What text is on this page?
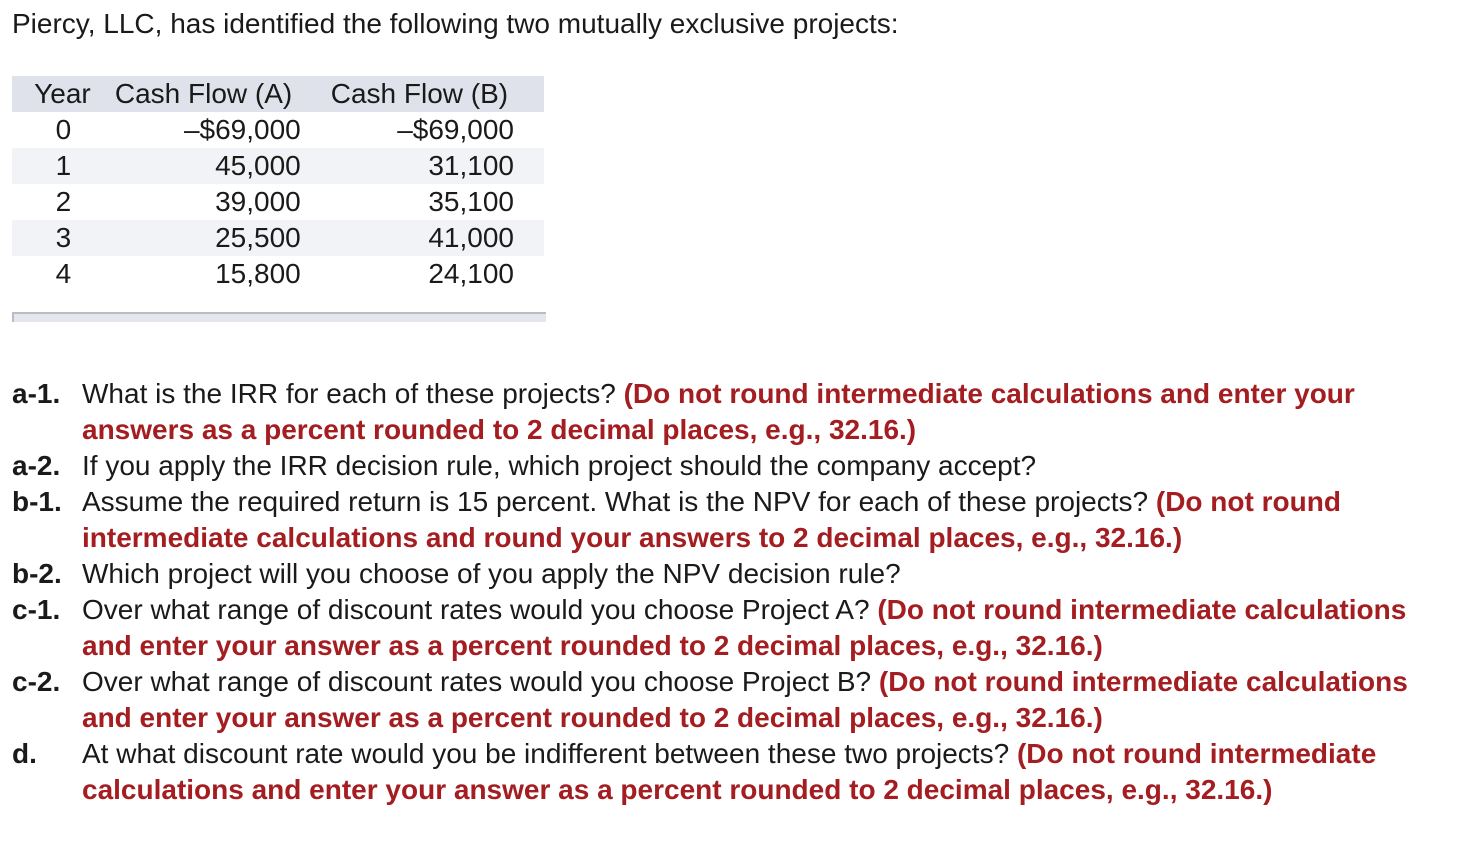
Piercy, LLC, has identified the following two mutually exclusive projects:
Year	Cash Flow (A)	Cash Flow (B)
0	–$69,000	–$69,000
1	45,000	31,100
2	39,000	35,100
3	25,500	41,000
4	15,800	24,100
a-1. What is the IRR for each of these projects? (Do not round intermediate calculations and enter your answers as a percent rounded to 2 decimal places, e.g., 32.16.)
a-2. If you apply the IRR decision rule, which project should the company accept?
b-1. Assume the required return is 15 percent. What is the NPV for each of these projects? (Do not round intermediate calculations and round your answers to 2 decimal places, e.g., 32.16.)
b-2. Which project will you choose of you apply the NPV decision rule?
c-1. Over what range of discount rates would you choose Project A? (Do not round intermediate calculations and enter your answer as a percent rounded to 2 decimal places, e.g., 32.16.)
c-2. Over what range of discount rates would you choose Project B? (Do not round intermediate calculations and enter your answer as a percent rounded to 2 decimal places, e.g., 32.16.)
d.	At what discount rate would you be indifferent between these two projects? (Do not round intermediate calculations and enter your answer as a percent rounded to 2 decimal places, e.g., 32.16.)
